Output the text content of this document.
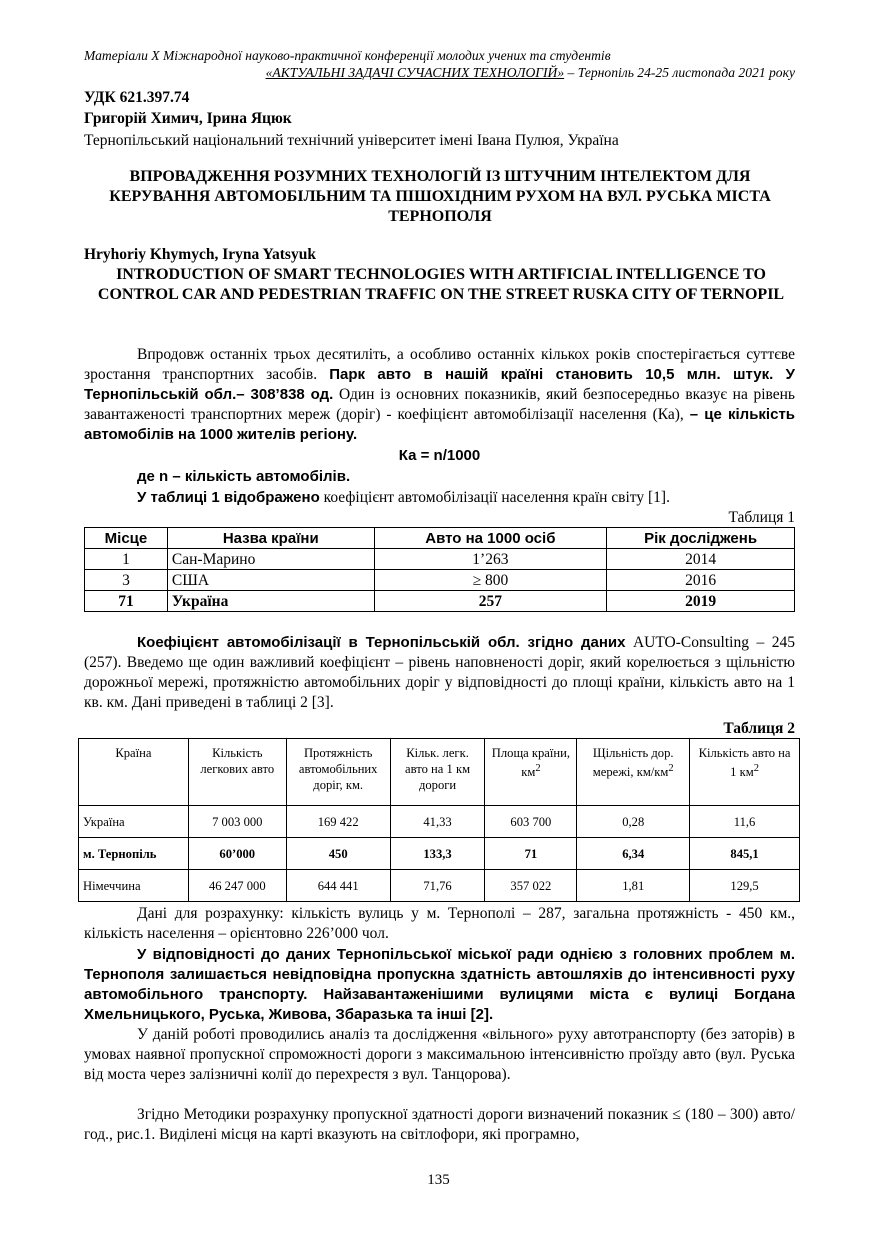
Матеріали X Міжнародної науково-практичної конференції молодих учених та студентів
«АКТУАЛЬНІ ЗАДАЧІ СУЧАСНИХ ТЕХНОЛОГІЙ» – Тернопіль 24-25 листопада 2021 року
УДК 621.397.74
Григорій Химич, Ірина Яцюк
Тернопільський національний технічний університет імені Івана Пулюя, Україна
ВПРОВАДЖЕННЯ РОЗУМНИХ ТЕХНОЛОГІЙ ІЗ ШТУЧНИМ ІНТЕЛЕКТОМ ДЛЯ КЕРУВАННЯ АВТОМОБІЛЬНИМ ТА ПІШОХІДНИМ РУХОМ НА ВУЛ. РУСЬКА МІСТА ТЕРНОПОЛЯ
Hryhoriy Khymych, Iryna Yatsyuk
INTRODUCTION OF SMART TECHNOLOGIES WITH ARTIFICIAL INTELLIGENCE TO CONTROL CAR AND PEDESTRIAN TRAFFIC ON THE STREET RUSKA CITY OF TERNOPIL
Впродовж останніх трьох десятиліть, а особливо останніх кількох років спостерігається суттєве зростання транспортних засобів. Парк авто в нашій країні становить 10,5 млн. штук. У Тернопільській обл.– 308’838 од. Один із основних показників, який безпосередньо вказує на рівень завантаженості транспортних мереж (доріг) - коефіцієнт автомобілізації населення (Ка), – це кількість автомобілів на 1000 жителів регіону.
Ка = n/1000
де n – кількість автомобілів.
У таблиці 1 відображено коефіцієнт автомобілізації населення країн світу [1].
Таблиця 1
Місце	Назва країни	Авто на 1000 осіб	Рік досліджень
1	Сан-Марино	1’263	2014
3	США	≥ 800	2016
71	Україна	257	2019
Коефіцієнт автомобілізації в Тернопільській обл. згідно даних AUTO-Consulting – 245 (257). Введемо ще один важливий коефіцієнт – рівень наповненості доріг, який корелюється з щільністю дорожньої мережі, протяжністю автомобільних доріг у відповідності до площі країни, кількість авто на 1 кв. км. Дані приведені в таблиці 2 [3].
Таблиця 2
Країна	Кількість легкових авто	Протяжність автомобільних доріг, км.	Кільк. легк. авто на 1 км дороги	Площа країни, $км^2$	Щільність дор. мережі, $км/км^2$	Кількість авто на 1 $км^2$
Україна	7 003 000	169 422	41,33	603 700	0,28	11,6
м. Тернопіль	60’000	450	133,3	71	6,34	845,1
Німеччина	46 247 000	644 441	71,76	357 022	1,81	129,5
Дані для розрахунку: кількість вулиць у м. Тернополі – 287, загальна протяжність - 450 км., кількість населення – орієнтовно 226’000 чол.
У відповідності до даних Тернопільської міської ради однією з головних проблем м. Тернополя залишається невідповідна пропускна здатність автошляхів до інтенсивності руху автомобільного транспорту. Найзавантаженішими вулицями міста є вулиці Богдана Хмельницького, Руська, Живова, Збаразька та інші [2].
У даній роботі проводились аналіз та дослідження «вільного» руху автотранспорту (без заторів) в умовах наявної пропускної спроможності дороги з максимальною інтенсивністю проїзду авто (вул. Руська від моста через залізничні колії до перехрестя з вул. Танцорова).
Згідно Методики розрахунку пропускної здатності дороги визначений показник ≤ (180 – 300) авто/год., рис.1. Виділені місця на карті вказують на світлофори, які програмно,
135
